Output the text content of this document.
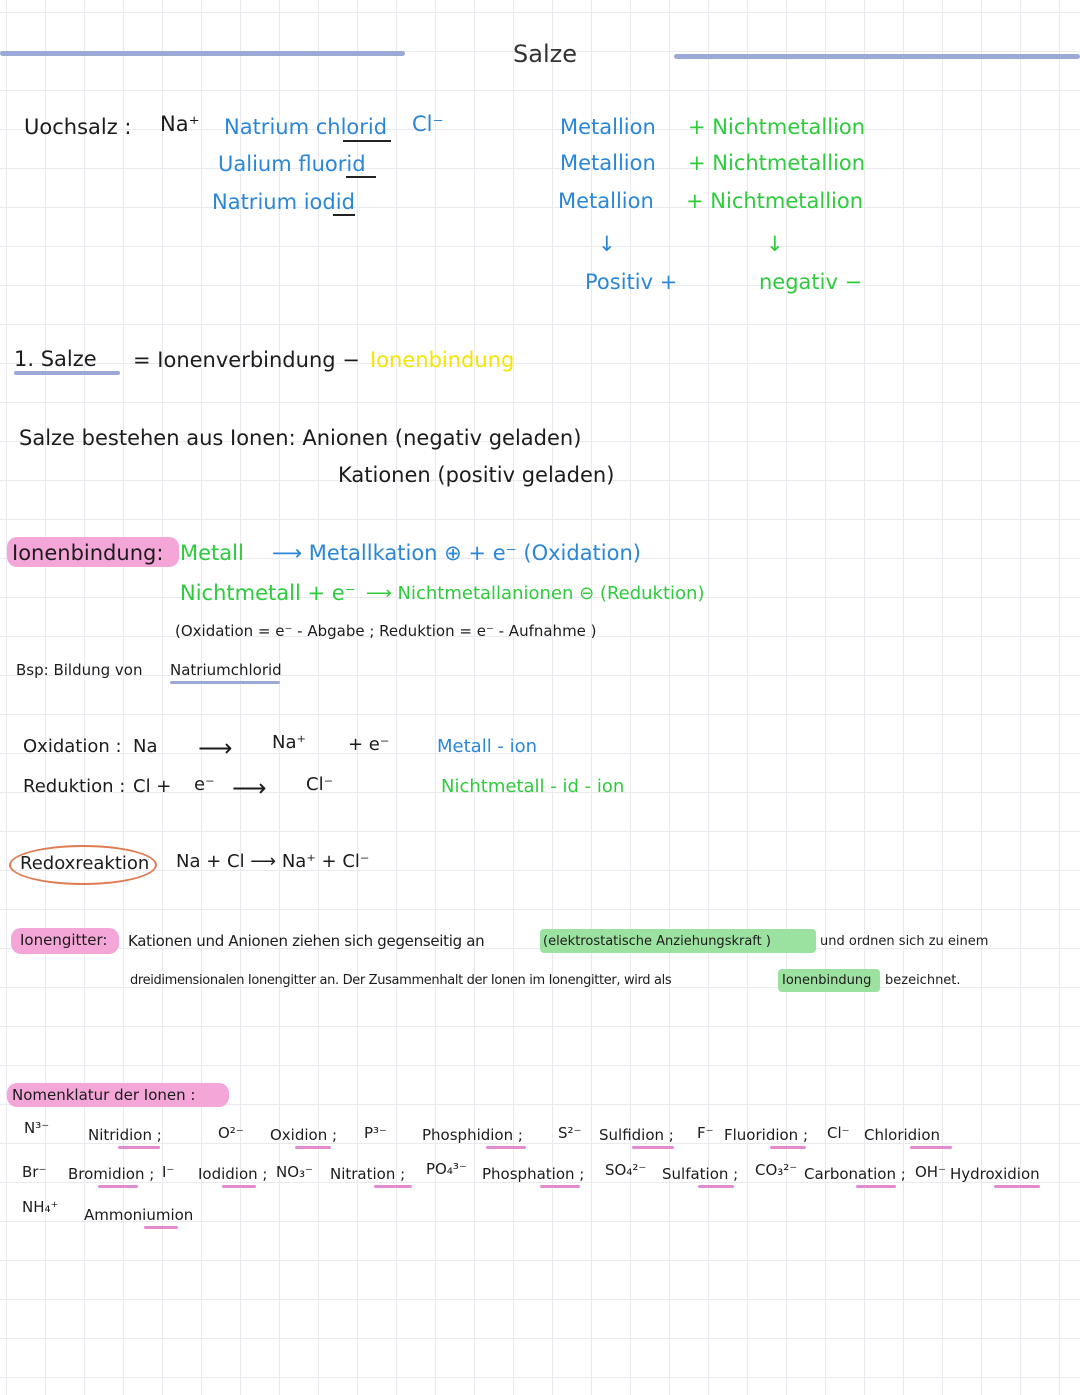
Salze
Uochsalz : Na⁺ Natrium chlorid Cl⁻
Ualium fluorid
Natrium iodid
Metallion + Nichtmetallion
Metallion + Nichtmetallion
Metallion + Nichtmetallion
↓	↓
Positiv +	negativ −
1. Salze = Ionenverbindung − Ionenbindung
Salze bestehen aus Ionen: Anionen (negativ geladen)
Kationen (positiv geladen)
Ionenbindung: Metall ⟶ Metallkation ⊕ + e⁻ (Oxidation)
Nichtmetall + e⁻ ⟶ Nichtmetallanionen ⊖ (Reduktion)
(Oxidation = e⁻ - Abgabe ; Reduktion = e⁻ - Aufnahme )
Bsp: Bildung von Natriumchlorid
Oxidation : Na ⟶ Na⁺ + e⁻	Metall - ion
Reduktion : Cl + e⁻ ⟶ Cl⁻	Nichtmetall - id - ion
Redoxreaktion Na + Cl ⟶ Na⁺ + Cl⁻
Ionengitter: Kationen und Anionen ziehen sich gegenseitig an	(elektrostatische Anziehungskraft )	und ordnen sich zu einem
dreidimensionalen Ionengitter an. Der Zusammenhalt der Ionen im Ionengitter, wird als	Ionenbindung bezeichnet.
Nomenklatur der Ionen :
N³⁻	Nitridion ;	O²⁻ Oxidion ; P³⁻ Phosphidion ; S²⁻ Sulfidion ; F⁻ Fluoridion ; Cl⁻ Chloridion
Br⁻ Bromidion ; I⁻ Iodidion ; NO₃⁻ Nitration ; PO₄³⁻ Phosphation ; SO₄²⁻ Sulfation ; CO₃²⁻ Carbonation ; OH⁻ Hydroxidion
NH₄⁺ Ammoniumion
